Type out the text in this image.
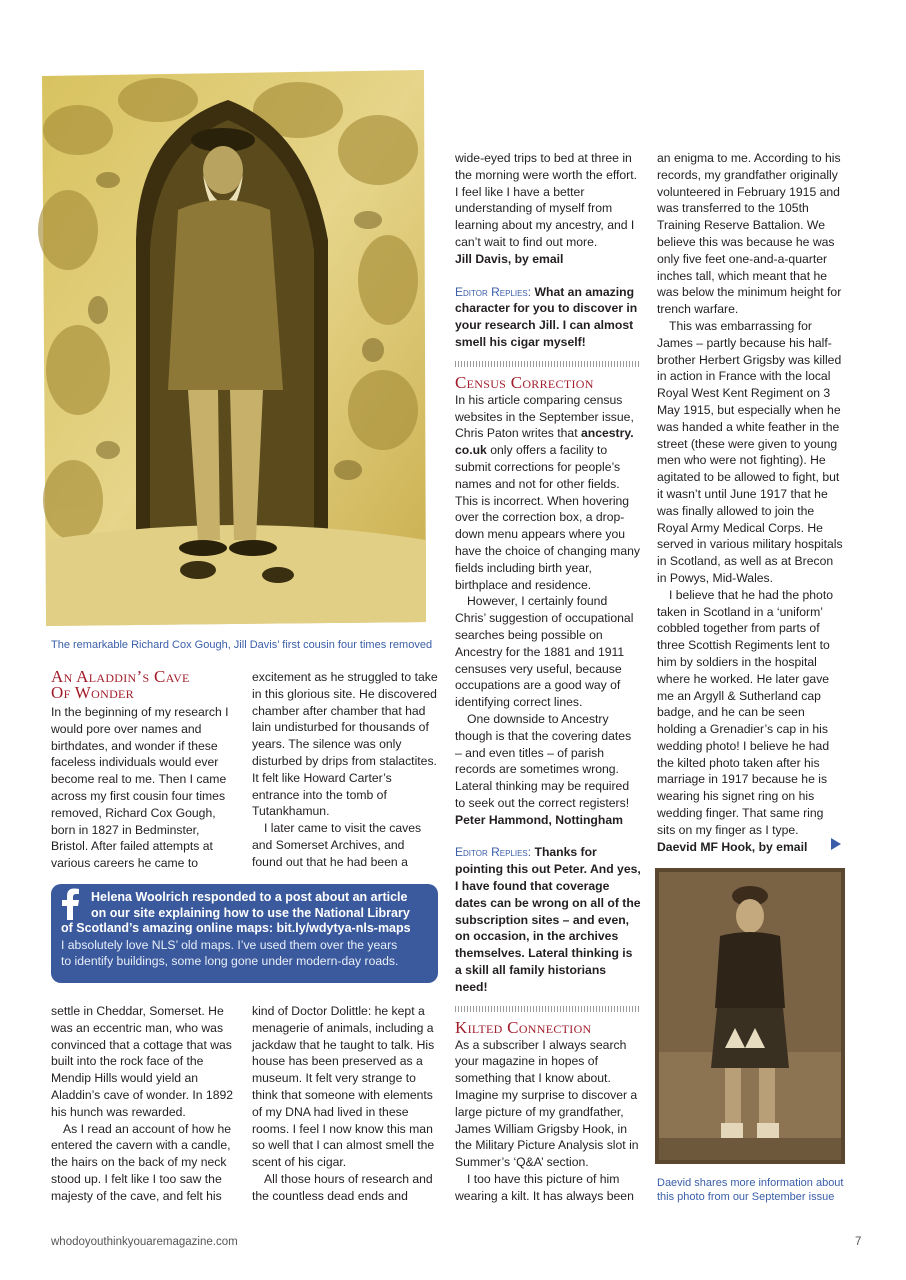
The remarkable Richard Cox Gough, Jill Davis’ first cousin four times removed
An Aladdin’s Cave
Of Wonder

In the beginning of my research I would pore over names and birthdates, and wonder if these faceless individuals would ever become real to me. Then I came across my first cousin four times removed, Richard Cox Gough, born in 1827 in Bedminster, Bristol. After failed attempts at various careers he came to

excitement as he struggled to take in this glorious site. He discovered chamber after chamber that had lain undisturbed for thousands of years. The silence was only disturbed by drips from stalactites. It felt like Howard Carter’s entrance into the tomb of Tutankhamun.

I later came to visit the caves and Somerset Archives, and found out that he had been a

Helena Woolrich responded to a post about an article
on our site explaining how to use the National Library
of Scotland’s amazing online maps: bit.ly/wdytya-nls-maps
I absolutely love NLS’ old maps. I’ve used them over the years
to identify buildings, some long gone under modern-day roads.

settle in Cheddar, Somerset. He was an eccentric man, who was convinced that a cottage that was built into the rock face of the Mendip Hills would yield an Aladdin’s cave of wonder. In 1892 his hunch was rewarded.

As I read an account of how he entered the cavern with a candle, the hairs on the back of my neck stood up. I felt like I too saw the majesty of the cave, and felt his

kind of Doctor Dolittle: he kept a menagerie of animals, including a jackdaw that he taught to talk. His house has been preserved as a museum. It felt very strange to think that someone with elements of my DNA had lived in these rooms. I feel I now know this man so well that I can almost smell the scent of his cigar.

All those hours of research and the countless dead ends and

wide-eyed trips to bed at three in the morning were worth the effort. I feel like I have a better understanding of myself from learning about my ancestry, and I can’t wait to find out more.

Jill Davis, by email

Editor Replies: What an amazing character for you to discover in your research Jill. I can almost smell his cigar myself!

Census Correction

In his article comparing census websites in the September issue, Chris Paton writes that ancestry. co.uk only offers a facility to submit corrections for people’s names and not for other fields. This is incorrect. When hovering over the correction box, a drop-down menu appears where you have the choice of changing many fields including birth year, birthplace and residence.

However, I certainly found Chris’ suggestion of occupational searches being possible on Ancestry for the 1881 and 1911 censuses very useful, because occupations are a good way of identifying correct lines.

One downside to Ancestry though is that the covering dates – and even titles – of parish records are sometimes wrong. Lateral thinking may be required to seek out the correct registers!

Peter Hammond, Nottingham

Editor Replies: Thanks for pointing this out Peter. And yes, I have found that coverage dates can be wrong on all of the subscription sites – and even, on occasion, in the archives themselves. Lateral thinking is a skill all family historians need!

Kilted Connection

As a subscriber I always search your magazine in hopes of something that I know about. Imagine my surprise to discover a large picture of my grandfather, James William Grigsby Hook, in the Military Picture Analysis slot in Summer’s ‘Q&A’ section.

I too have this picture of him wearing a kilt. It has always been

an enigma to me. According to his records, my grandfather originally volunteered in February 1915 and was transferred to the 105th Training Reserve Battalion. We believe this was because he was only five feet one-and-a-quarter inches tall, which meant that he was below the minimum height for trench warfare.

This was embarrassing for James – partly because his half-brother Herbert Grigsby was killed in action in France with the local Royal West Kent Regiment on 3 May 1915, but especially when he was handed a white feather in the street (these were given to young men who were not fighting). He agitated to be allowed to fight, but it wasn’t until June 1917 that he was finally allowed to join the Royal Army Medical Corps. He served in various military hospitals in Scotland, as well as at Brecon in Powys, Mid-Wales.

I believe that he had the photo taken in Scotland in a ‘uniform’ cobbled together from parts of three Scottish Regiments lent to him by soldiers in the hospital where he worked. He later gave me an Argyll & Sutherland cap badge, and he can be seen holding a Grenadier’s cap in his wedding photo! I believe he had the kilted photo taken after his marriage in 1917 because he is wearing his signet ring on his wedding finger. That same ring sits on my finger as I type.

Daevid MF Hook, by email

Daevid shares more information about
this photo from our September issue
whodoyouthinkyouaremagazine.com	7
